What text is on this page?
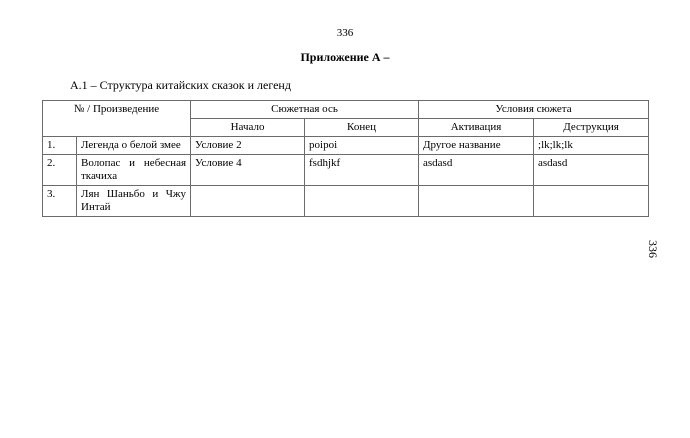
336
Приложение А –
А.1 – Структура китайских сказок и легенд
336
№ / Произведение		Сюжетная ось		Условия сюжета	
		Начало	Конец	Активация	Деструкция
1.	Легенда о белой змее	Условие 2	poipoi	Другое название	;lk;lk;lk
2.	Волопас и небесная ткачиха	Условие 4	fsdhjkf	asdasd	asdasd
3.	Лян Шаньбо и Чжу Интай				
